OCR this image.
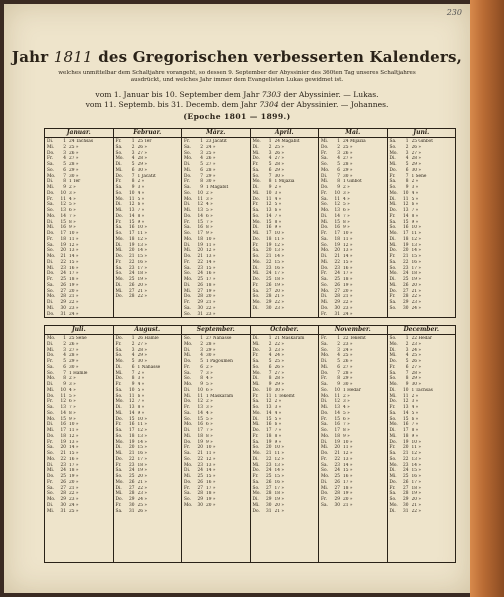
230
Jahr 1811 des Gregorischen verbesserten Kalenders,
welches unmittelbar dem Schaltjahre vorangeht, so dessen 9. September der Abyssinier des 360ten Tag unseres Schaltjahres
ausdrückt, und welches Jahr immer dem Evangelisten Lukas gewidmet ist.
vom 1. Januar bis 10. September dem Jahr 7303 der Abyssinier. — Lukas.
vom 11. Septemb. bis 31. Decemb. dem Jahr 7304 der Abyssinier. — Johannes.
(Epoche 1801 — 1899.)
Januar.
Di.	1 24 Tachsas
Mi.	2 25 »
Do.	3 26 »
Fr.	4 27 »
Sa.	5 28 »
So.	6 29 »
Mo.	7 30 »
Di.	8 1 Ter
Mi.	9 2 »
Do.	10 3 »
Fr.	11 4 »
Sa.	12 5 »
So.	13 6 »
Mo.	14 7 »
Di.	15 8 »
Mi.	16 9 »
Do.	17 10 »
Fr.	18 11 »
Sa.	19 12 »
So.	20 13 »
Mo.	21 14 »
Di.	22 15 »
Mi.	23 16 »
Do.	24 17 »
Fr.	25 18 »
Sa.	26 19 »
So.	27 20 »
Mo.	28 21 »
Di.	29 22 »
Mi.	30 23 »
Do.	31 24 »
Februar.
Fr.	1 25 Ter
Sa.	2 26 »
So.	3 27 »
Mo.	4 28 »
Di.	5 29 »
Mi.	6 30 »
Do.	7 1 Jacatit
Fr.	8 2 »
Sa.	9 3 »
So.	10 4 »
Mo.	11 5 »
Di.	12 6 »
Mi.	13 7 »
Do.	14 8 »
Fr.	15 9 »
Sa.	16 10 »
So.	17 11 »
Mo.	18 12 »
Di.	19 13 »
Mi.	20 14 »
Do.	21 15 »
Fr.	22 16 »
Sa.	23 17 »
So.	24 18 »
Mo.	25 19 »
Di.	26 20 »
Mi.	27 21 »
Do.	28 22 »
März.
Fr.	1 23 Jacatit
Sa.	2 24 »
So.	3 25 »
Mo.	4 26 »
Di.	5 27 »
Mi.	6 28 »
Do.	7 29 »
Fr.	8 30 »
Sa.	9 1 Magabit
So.	10 2 »
Mo.	11 3 »
Di.	12 4 »
Mi.	13 5 »
Do.	14 6 »
Fr.	15 7 »
Sa.	16 8 »
So.	17 9 »
Mo.	18 10 »
Di.	19 11 »
Mi.	20 12 »
Do.	21 13 »
Fr.	22 14 »
Sa.	23 15 »
So.	24 16 »
Mo.	25 17 »
Di.	26 18 »
Mi.	27 19 »
Do.	28 20 »
Fr.	29 21 »
Sa.	30 22 »
So.	31 23 »
April.
Mo.	1 24 Magabit
Di.	2 25 »
Mi.	3 26 »
Do.	4 27 »
Fr.	5 28 »
Sa.	6 29 »
So.	7 30 »
Mo.	8 1 Mijazia
Di.	9 2 »
Mi.	10 3 »
Do.	11 4 »
Fr.	12 5 »
Sa.	13 6 »
So.	14 7 »
Mo.	15 8 »
Di.	16 9 »
Mi.	17 10 »
Do.	18 11 »
Fr.	19 12 »
Sa.	20 13 »
So.	21 14 »
Mo.	22 15 »
Di.	23 16 »
Mi.	24 17 »
Do.	25 18 »
Fr.	26 19 »
Sa.	27 20 »
So.	28 21 »
Mo.	29 22 »
Di.	30 23 »
Mai.
Mi.	1 24 Mijazia
Do.	2 25 »
Fr.	3 26 »
Sa.	4 27 »
So.	5 28 »
Mo.	6 29 »
Di.	7 30 »
Mi.	8 1 Ginbot
Do.	9 2 »
Fr.	10 3 »
Sa.	11 4 »
So.	12 5 »
Mo.	13 6 »
Di.	14 7 »
Mi.	15 8 »
Do.	16 9 »
Fr.	17 10 »
Sa.	18 11 »
So.	19 12 »
Mo.	20 13 »
Di.	21 14 »
Mi.	22 15 »
Do.	23 16 »
Fr.	24 17 »
Sa.	25 18 »
So.	26 19 »
Mo.	27 20 »
Di.	28 21 »
Mi.	29 22 »
Do.	30 23 »
Fr.	31 24 »
Juni.
Sa.	1 25 Ginbot
So.	2 26 »
Mo.	3 27 »
Di.	4 28 »
Mi.	5 29 »
Do.	6 30 »
Fr.	7 1 Sene
Sa.	8 2 »
So.	9 3 »
Mo.	10 4 »
Di.	11 5 »
Mi.	12 6 »
Do.	13 7 »
Fr.	14 8 »
Sa.	15 9 »
So.	16 10 »
Mo.	17 11 »
Di.	18 12 »
Mi.	19 13 »
Do.	20 14 »
Fr.	21 15 »
Sa.	22 16 »
So.	23 17 »
Mo.	24 18 »
Di.	25 19 »
Mi.	26 20 »
Do.	27 21 »
Fr.	28 22 »
Sa.	29 23 »
So.	30 24 »
Juli.
Mo.	1 25 Sene
Di.	2 26 »
Mi.	3 27 »
Do.	4 28 »
Fr.	5 29 »
Sa.	6 30 »
So.	7 1 Hamle
Mo.	8 2 »
Di.	9 3 »
Mi.	10 4 »
Do.	11 5 »
Fr.	12 6 »
Sa.	13 7 »
So.	14 8 »
Mo.	15 9 »
Di.	16 10 »
Mi.	17 11 »
Do.	18 12 »
Fr.	19 13 »
Sa.	20 14 »
So.	21 15 »
Mo.	22 16 »
Di.	23 17 »
Mi.	24 18 »
Do.	25 19 »
Fr.	26 20 »
Sa.	27 21 »
So.	28 22 »
Mo.	29 23 »
Di.	30 24 »
Mi.	31 25 »
August.
Do.	1 26 Hamle
Fr.	2 27 »
Sa.	3 28 »
So.	4 29 »
Mo.	5 30 »
Di.	6 1 Nahasse
Mi.	7 2 »
Do.	8 3 »
Fr.	9 4 »
Sa.	10 5 »
So.	11 6 »
Mo.	12 7 »
Di.	13 8 »
Mi.	14 9 »
Do.	15 10 »
Fr.	16 11 »
Sa.	17 12 »
So.	18 13 »
Mo.	19 14 »
Di.	20 15 »
Mi.	21 16 »
Do.	22 17 »
Fr.	23 18 »
Sa.	24 19 »
So.	25 20 »
Mo.	26 21 »
Di.	27 22 »
Mi.	28 23 »
Do.	29 24 »
Fr.	30 25 »
Sa.	31 26 »
September.
So.	1 27 Nahasse
Mo.	2 28 »
Di.	3 29 »
Mi.	4 30 »
Do.	5 1 Pagoumen
Fr.	6 2 »
Sa.	7 3 »
So.	8 4 »
Mo.	9 5 »
Di.	10 6 »
Mi.	11 1 Maskaram
Do.	12 2 »
Fr.	13 3 »
Sa.	14 4 »
So.	15 5 »
Mo.	16 6 »
Di.	17 7 »
Mi.	18 8 »
Do.	19 9 »
Fr.	20 10 »
Sa.	21 11 »
So.	22 12 »
Mo.	23 13 »
Di.	24 14 »
Mi.	25 15 »
Do.	26 16 »
Fr.	27 17 »
Sa.	28 18 »
So.	29 19 »
Mo.	30 20 »
October.
Di.	1 21 Maskaram
Mi.	2 22 »
Do.	3 23 »
Fr.	4 24 »
Sa.	5 25 »
So.	6 26 »
Mo.	7 27 »
Di.	8 28 »
Mi.	9 29 »
Do.	10 30 »
Fr.	11 1 Tekemt
Sa.	12 2 »
So.	13 3 »
Mo.	14 4 »
Di.	15 5 »
Mi.	16 6 »
Do.	17 7 »
Fr.	18 8 »
Sa.	19 9 »
So.	20 10 »
Mo.	21 11 »
Di.	22 12 »
Mi.	23 13 »
Do.	24 14 »
Fr.	25 15 »
Sa.	26 16 »
So.	27 17 »
Mo.	28 18 »
Di.	29 19 »
Mi.	30 20 »
Do.	31 21 »
November.
Fr.	1 22 Tekemt
Sa.	2 23 »
So.	3 24 »
Mo.	4 25 »
Di.	5 26 »
Mi.	6 27 »
Do.	7 28 »
Fr.	8 29 »
Sa.	9 30 »
So.	10 1 Hedar
Mo.	11 2 »
Di.	12 3 »
Mi.	13 4 »
Do.	14 5 »
Fr.	15 6 »
Sa.	16 7 »
So.	17 8 »
Mo.	18 9 »
Di.	19 10 »
Mi.	20 11 »
Do.	21 12 »
Fr.	22 13 »
Sa.	23 14 »
So.	24 15 »
Mo.	25 16 »
Di.	26 17 »
Mi.	27 18 »
Do.	28 19 »
Fr.	29 20 »
Sa.	30 21 »
December.
So.	1 22 Hedar
Mo.	2 23 »
Di.	3 24 »
Mi.	4 25 »
Do.	5 26 »
Fr.	6 27 »
Sa.	7 28 »
So.	8 29 »
Mo.	9 30 »
Di.	10 1 Tachsas
Mi.	11 2 »
Do.	12 3 »
Fr.	13 4 »
Sa.	14 5 »
So.	15 6 »
Mo.	16 7 »
Di.	17 8 »
Mi.	18 9 »
Do.	19 10 »
Fr.	20 11 »
Sa.	21 12 »
So.	22 13 »
Mo.	23 14 »
Di.	24 15 »
Mi.	25 16 »
Do.	26 17 »
Fr.	27 18 »
Sa.	28 19 »
So.	29 20 »
Mo.	30 21 »
Di.	31 22 »
